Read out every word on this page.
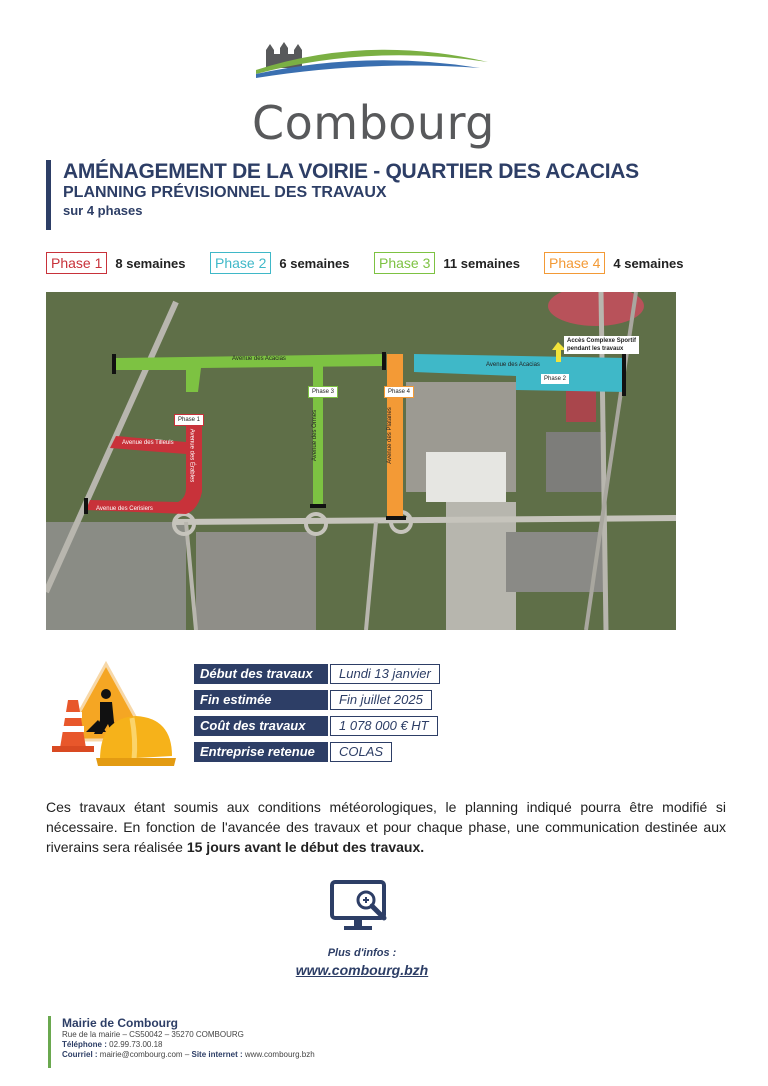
Combourg
AMÉNAGEMENT DE LA VOIRIE - QUARTIER DES ACACIAS
PLANNING PRÉVISIONNEL DES TRAVAUX
sur 4 phases
Phase 1	8 semaines	Phase 2	6 semaines	Phase 3	11 semaines	Phase 4	4 semaines
Phase 1
Phase 3	Phase 4
Phase 2
Accès Complexe Sportif
pendant les travaux
Avenue des Acacias
Avenue des Acacias
Avenue des Tilleuls
Avenue des Cerisiers
Avenue des Érables	Avenue des Ormes	Avenue des Platanes
Début des travaux	Lundi 13 janvier
Fin estimée	Fin juillet 2025
Coût des travaux	1 078 000 € HT
Entreprise retenue	COLAS
Ces travaux étant soumis aux conditions météorologiques, le planning indiqué pourra être modifié si nécessaire. En fonction de l'avancée des travaux et pour chaque phase, une communication destinée aux riverains sera réalisée 15 jours avant le début des travaux.
Plus d'infos :
www.combourg.bzh
Mairie de Combourg
Rue de la mairie – CS50042 – 35270 COMBOURG
Téléphone : 02.99.73.00.18
Courriel : mairie@combourg.com – Site internet : www.combourg.bzh
